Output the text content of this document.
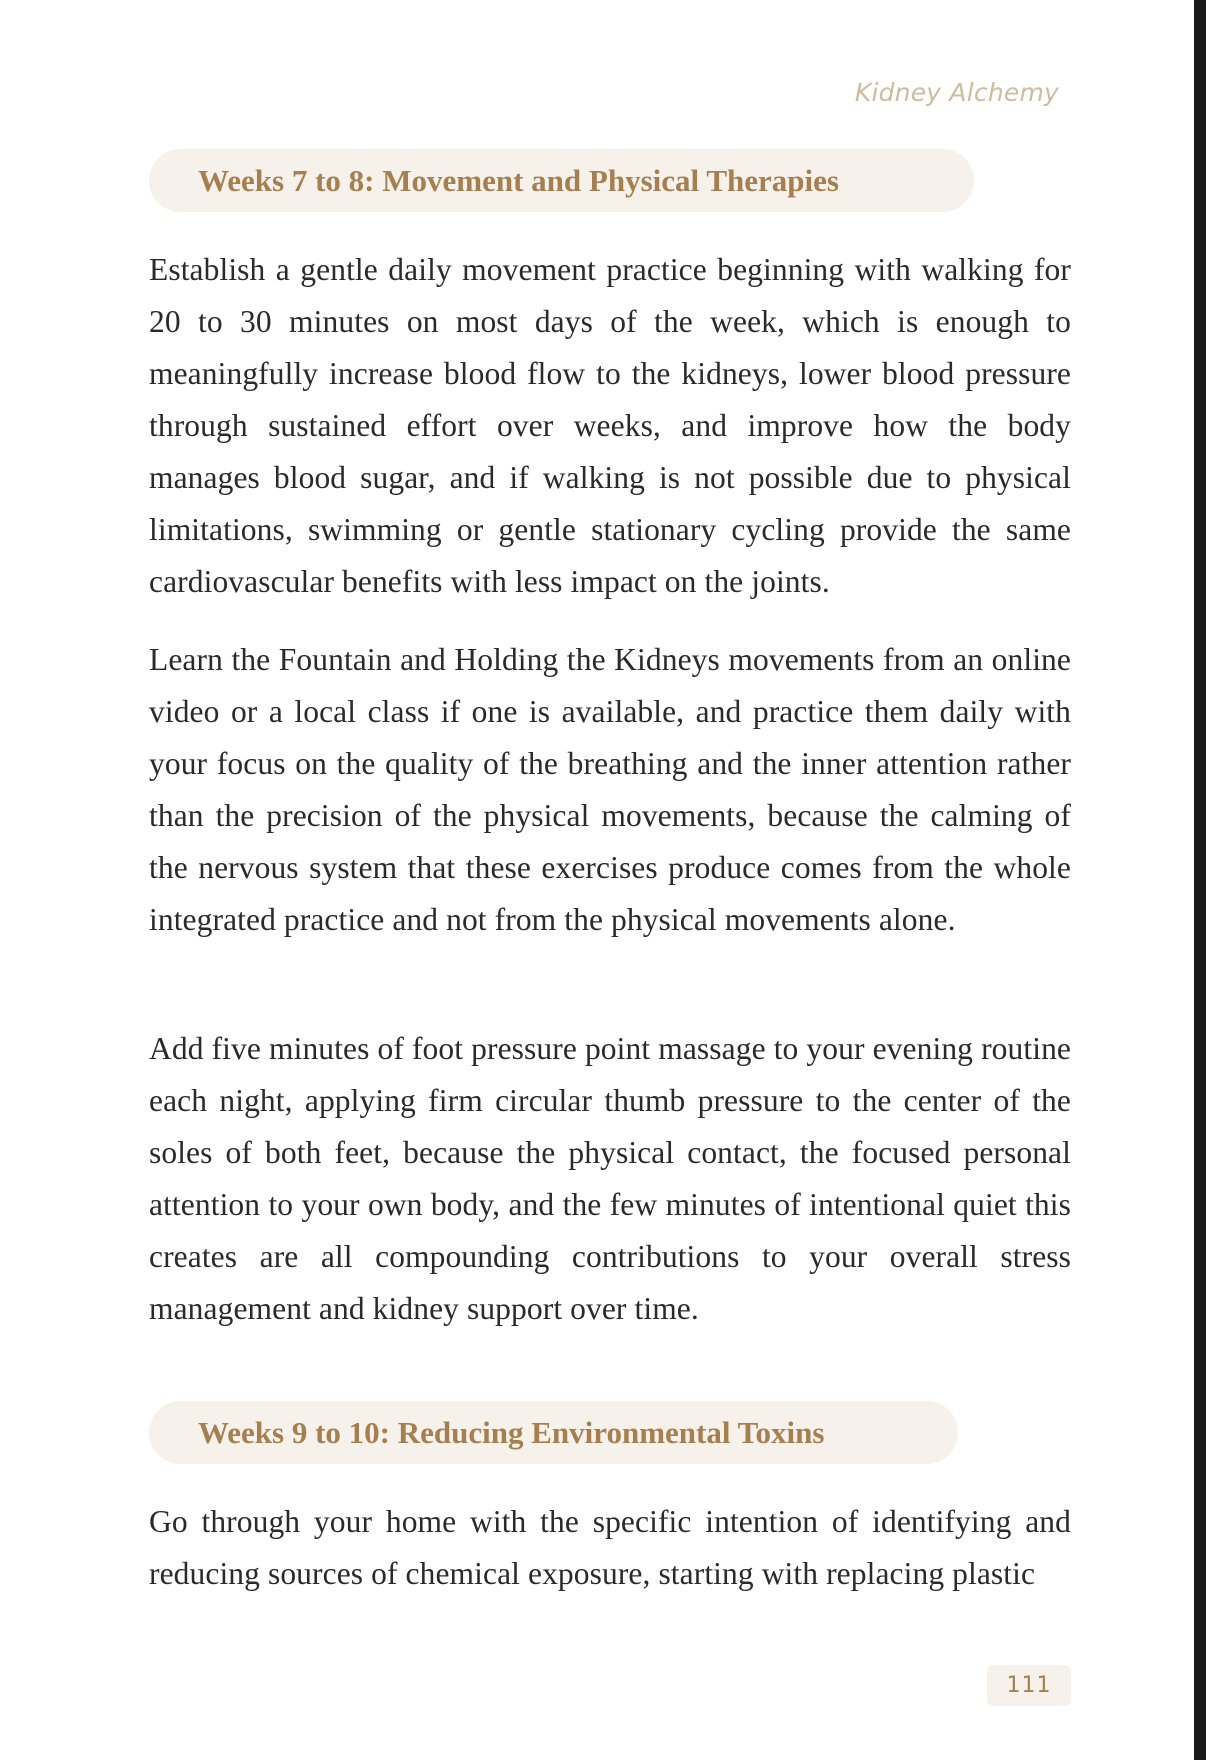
Kidney Alchemy
Weeks 7 to 8: Movement and Physical Therapies

Establish a gentle daily movement practice beginning with walking for 20 to 30 minutes on most days of the week, which is enough to meaningfully increase blood flow to the kidneys, lower blood pressure through sustained effort over weeks, and improve how the body manages blood sugar, and if walking is not possible due to physical limitations, swimming or gentle stationary cycling provide the same cardiovascular benefits with less impact on the joints.

Learn the Fountain and Holding the Kidneys movements from an online video or a local class if one is available, and practice them daily with your focus on the quality of the breathing and the inner attention rather than the precision of the physical movements, because the calming of the nervous system that these exercises produce comes from the whole integrated practice and not from the physical movements alone.

Add five minutes of foot pressure point massage to your evening routine each night, applying firm circular thumb pressure to the center of the soles of both feet, because the physical contact, the focused personal attention to your own body, and the few minutes of intentional quiet this creates are all compounding contributions to your overall stress management and kidney support over time.

Weeks 9 to 10: Reducing Environmental Toxins

Go through your home with the specific intention of identifying and reducing sources of chemical exposure, starting with replacing plastic

111
